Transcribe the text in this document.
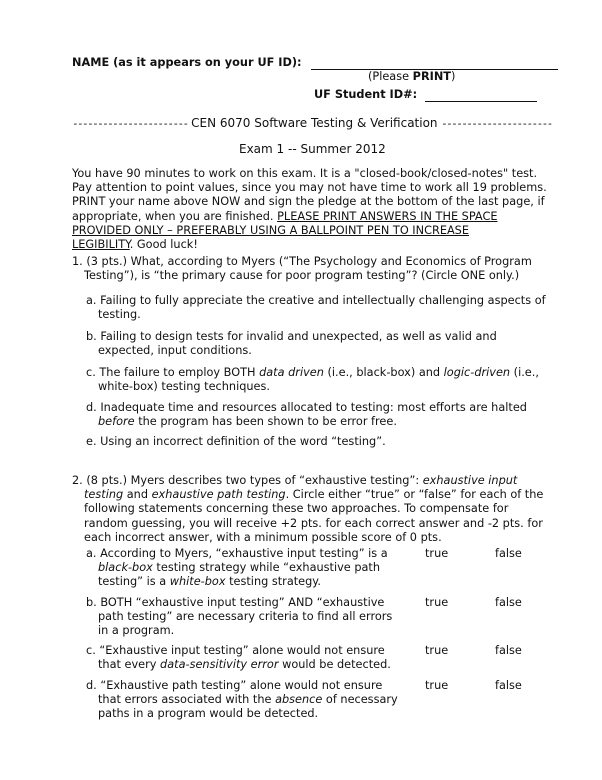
NAME (as it appears on your UF ID):
(Please PRINT)
UF Student ID#:
----------------------- CEN 6070 Software Testing & Verification ----------------------
Exam 1 -- Summer 2012
You have 90 minutes to work on this exam. It is a "closed-book/closed-notes" test.
Pay attention to point values, since you may not have time to work all 19 problems.
PRINT your name above NOW and sign the pledge at the bottom of the last page, if
appropriate, when you are finished. PLEASE PRINT ANSWERS IN THE SPACE
PROVIDED ONLY – PREFERABLY USING A BALLPOINT PEN TO INCREASE
LEGIBILITY. Good luck!
1. (3 pts.) What, according to Myers (“The Psychology and Economics of Program
Testing”), is “the primary cause for poor program testing”? (Circle ONE only.)
a. Failing to fully appreciate the creative and intellectually challenging aspects of
testing.
b. Failing to design tests for invalid and unexpected, as well as valid and
expected, input conditions.
c. The failure to employ BOTH data driven (i.e., black-box) and logic-driven (i.e.,
white-box) testing techniques.
d. Inadequate time and resources allocated to testing: most efforts are halted
before the program has been shown to be error free.
e. Using an incorrect definition of the word “testing”.
2. (8 pts.) Myers describes two types of “exhaustive testing”: exhaustive input
testing and exhaustive path testing. Circle either “true” or “false” for each of the
following statements concerning these two approaches. To compensate for
random guessing, you will receive +2 pts. for each correct answer and -2 pts. for
each incorrect answer, with a minimum possible score of 0 pts.
a. According to Myers, “exhaustive input testing” is a
black-box testing strategy while “exhaustive path
testing” is a white-box testing strategy.
true	false
b. BOTH “exhaustive input testing” AND “exhaustive
path testing” are necessary criteria to find all errors
in a program.
true	false
c. “Exhaustive input testing” alone would not ensure
that every data-sensitivity error would be detected.
true	false
d. “Exhaustive path testing” alone would not ensure
that errors associated with the absence of necessary
paths in a program would be detected.
true	false
